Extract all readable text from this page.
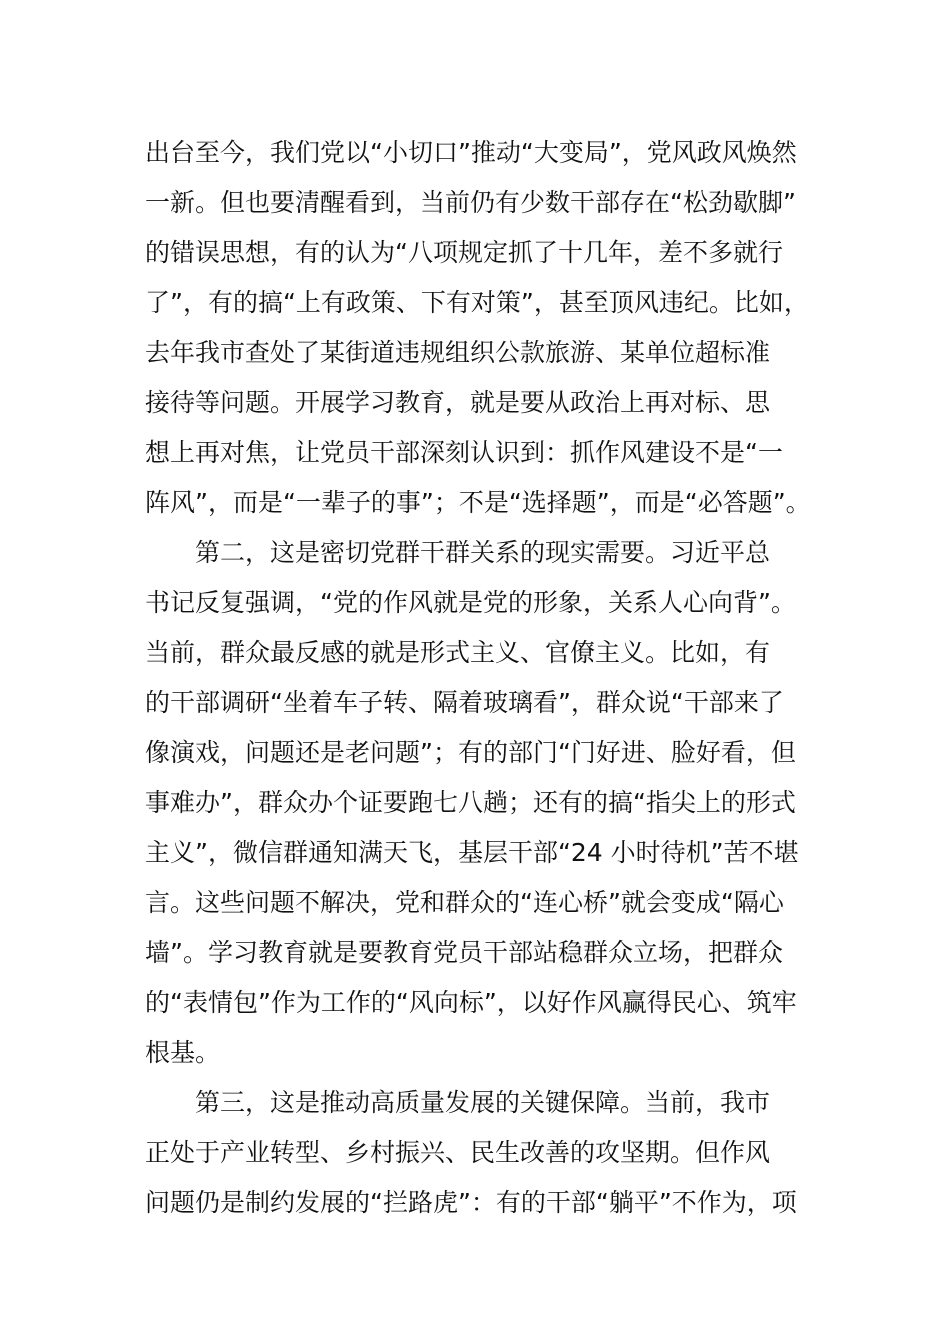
出台至今，我们党以“小切口”推动“大变局”，党风政风焕然
一新。但也要清醒看到，当前仍有少数干部存在“松劲歇脚”
的错误思想，有的认为“八项规定抓了十几年，差不多就行
了”，有的搞“上有政策、下有对策”，甚至顶风违纪。比如，
去年我市查处了某街道违规组织公款旅游、某单位超标准
接待等问题。开展学习教育，就是要从政治上再对标、思
想上再对焦，让党员干部深刻认识到：抓作风建设不是“一
阵风”，而是“一辈子的事”；不是“选择题”，而是“必答题”。
　　第二，这是密切党群干群关系的现实需要。习近平总
书记反复强调，“党的作风就是党的形象，关系人心向背”。
当前，群众最反感的就是形式主义、官僚主义。比如，有
的干部调研“坐着车子转、隔着玻璃看”，群众说“干部来了
像演戏，问题还是老问题”；有的部门“门好进、脸好看，但
事难办”，群众办个证要跑七八趟；还有的搞“指尖上的形式
主义”，微信群通知满天飞，基层干部“24 小时待机”苦不堪
言。这些问题不解决，党和群众的“连心桥”就会变成“隔心
墙”。学习教育就是要教育党员干部站稳群众立场，把群众
的“表情包”作为工作的“风向标”，以好作风赢得民心、筑牢
根基。
　　第三，这是推动高质量发展的关键保障。当前，我市
正处于产业转型、乡村振兴、民生改善的攻坚期。但作风
问题仍是制约发展的“拦路虎”：有的干部“躺平”不作为，项
